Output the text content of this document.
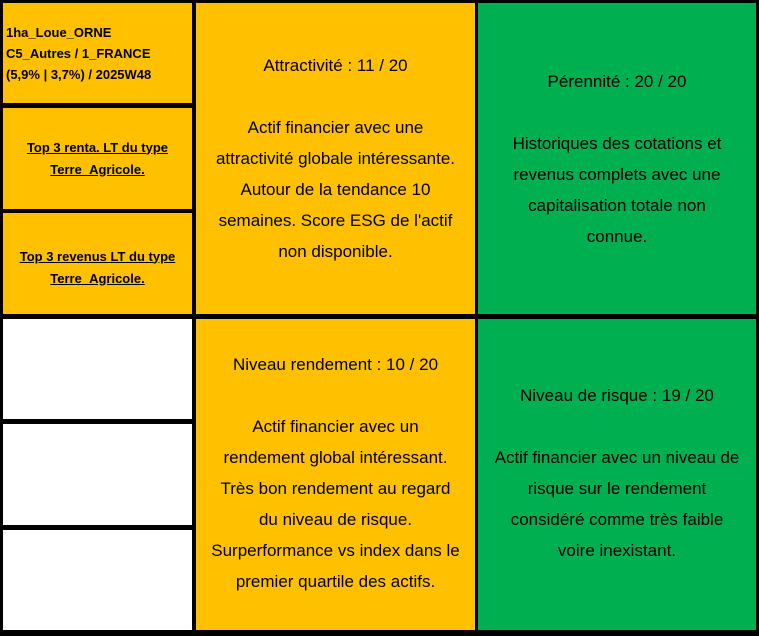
1ha_Loue_ORNE
C5_Autres / 1_FRANCE
(5,9% | 3,7%) / 2025W48
Top 3 renta. LT du type
Terre_Agricole.
Top 3 revenus LT du type
Terre_Agricole.
Attractivité : 11 / 20
Actif financier avec une
attractivité globale intéressante.
Autour de la tendance 10
semaines. Score ESG de l'actif
non disponible.
Pérennité : 20 / 20
Historiques des cotations et
revenus complets avec une
capitalisation totale non
connue.
Niveau rendement : 10 / 20
Actif financier avec un
rendement global intéressant.
Très bon rendement au regard
du niveau de risque.
Surperformance vs index dans le
premier quartile des actifs.
Niveau de risque : 19 / 20
Actif financier avec un niveau de
risque sur le rendement
considéré comme très faible
voire inexistant.
